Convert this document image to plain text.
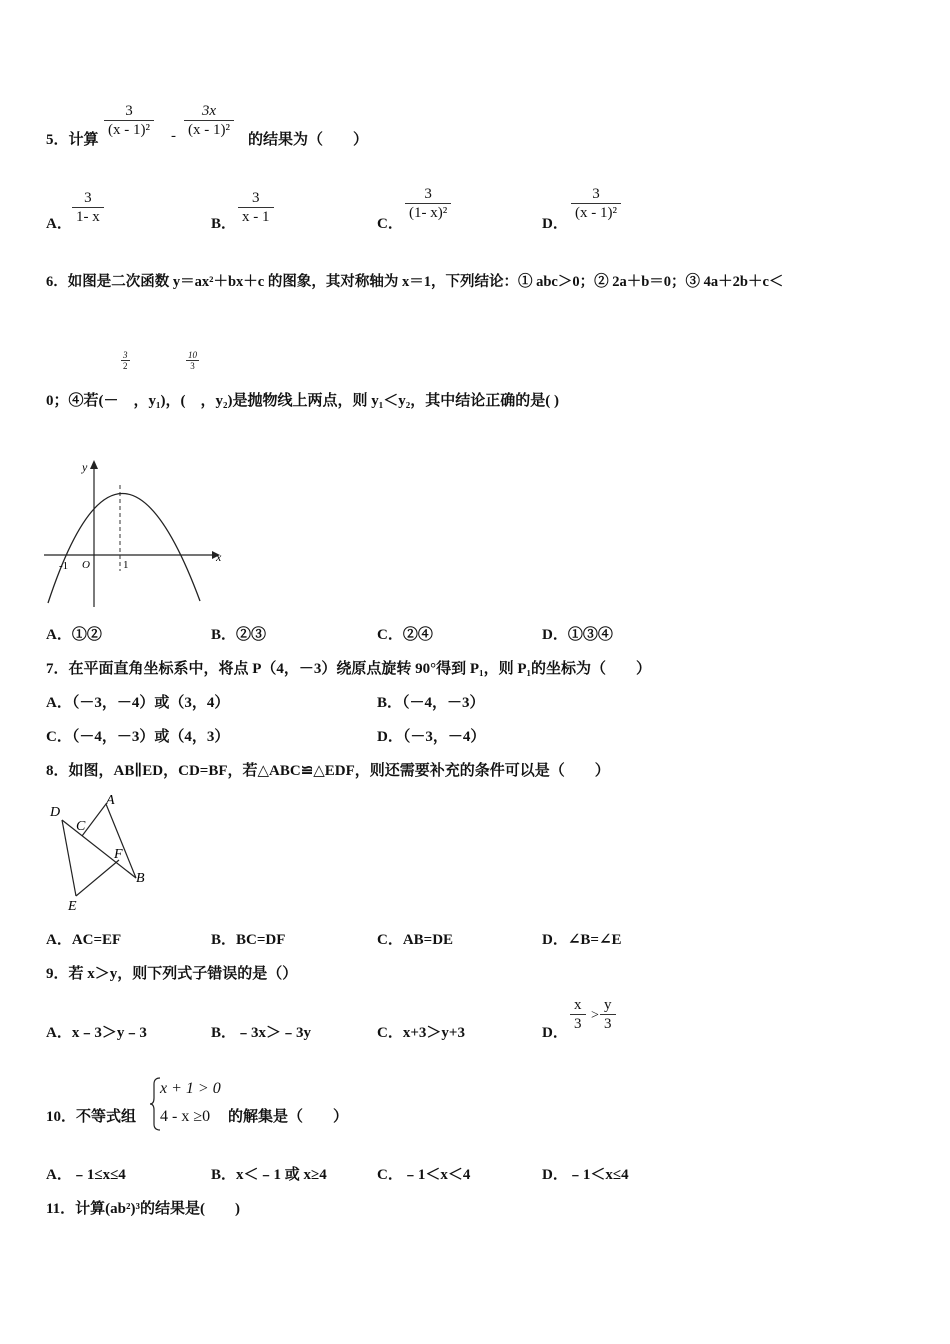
5．计算
$\frac{3}{\text{(x - 1)²}} - \frac{3x}{\text{(x - 1)²}}$
的结果为（　　）
A． $\frac{3}{1- x}$	B． $\frac{3}{x - 1}$	C．
$\frac{3}{\text{(1- x)²}}$
D．
$\frac{3}{\text{(x - 1)²}}$
6．如图是二次函数 y＝ax²＋bx＋c 的图象，其对称轴为 x＝1，下列结论：① abc＞0；② 2a＋b＝0；③ 4a＋2b＋c＜
$\frac{3}{2}$	$\frac{10}{3}$
0；④若(－　，y₁)，(　，y₂)是抛物线上两点，则 y₁＜y₂，其中结论正确的是( )
x
y
O
-1	1
A．①②	B．②③	C．②④	D．①③④
7．在平面直角坐标系中，将点 P（4，－3）绕原点旋转 90°得到 P₁，则 P₁的坐标为（　　）
A．（－3，－4）或（3，4）	B．（－4，－3）
C．（－4，－3）或（4，3）	D．（－3，－4）
8．如图，AB∥ED，CD=BF，若△ABC≌△EDF，则还需要补充的条件可以是（　　）
D
A
C
F
B
E
A．AC=EF	B．BC=DF	C．AB=DE	D．∠B=∠E
9．若 x＞y，则下列式子错误的是（）
A．x﹣3＞y﹣3	B．﹣3x＞﹣3y	C．x+3＞y+3	D． $\frac{x}{3} > \frac{y}{3}$
10．不等式组
x + 1 > 0
4 - x ≥0 的解集是（　　）
A．﹣1≤x≤4	B．x＜﹣1 或 x≥4	C．﹣1＜x＜4	D．﹣1＜x≤4
11．计算(ab²)³的结果是(　　)
